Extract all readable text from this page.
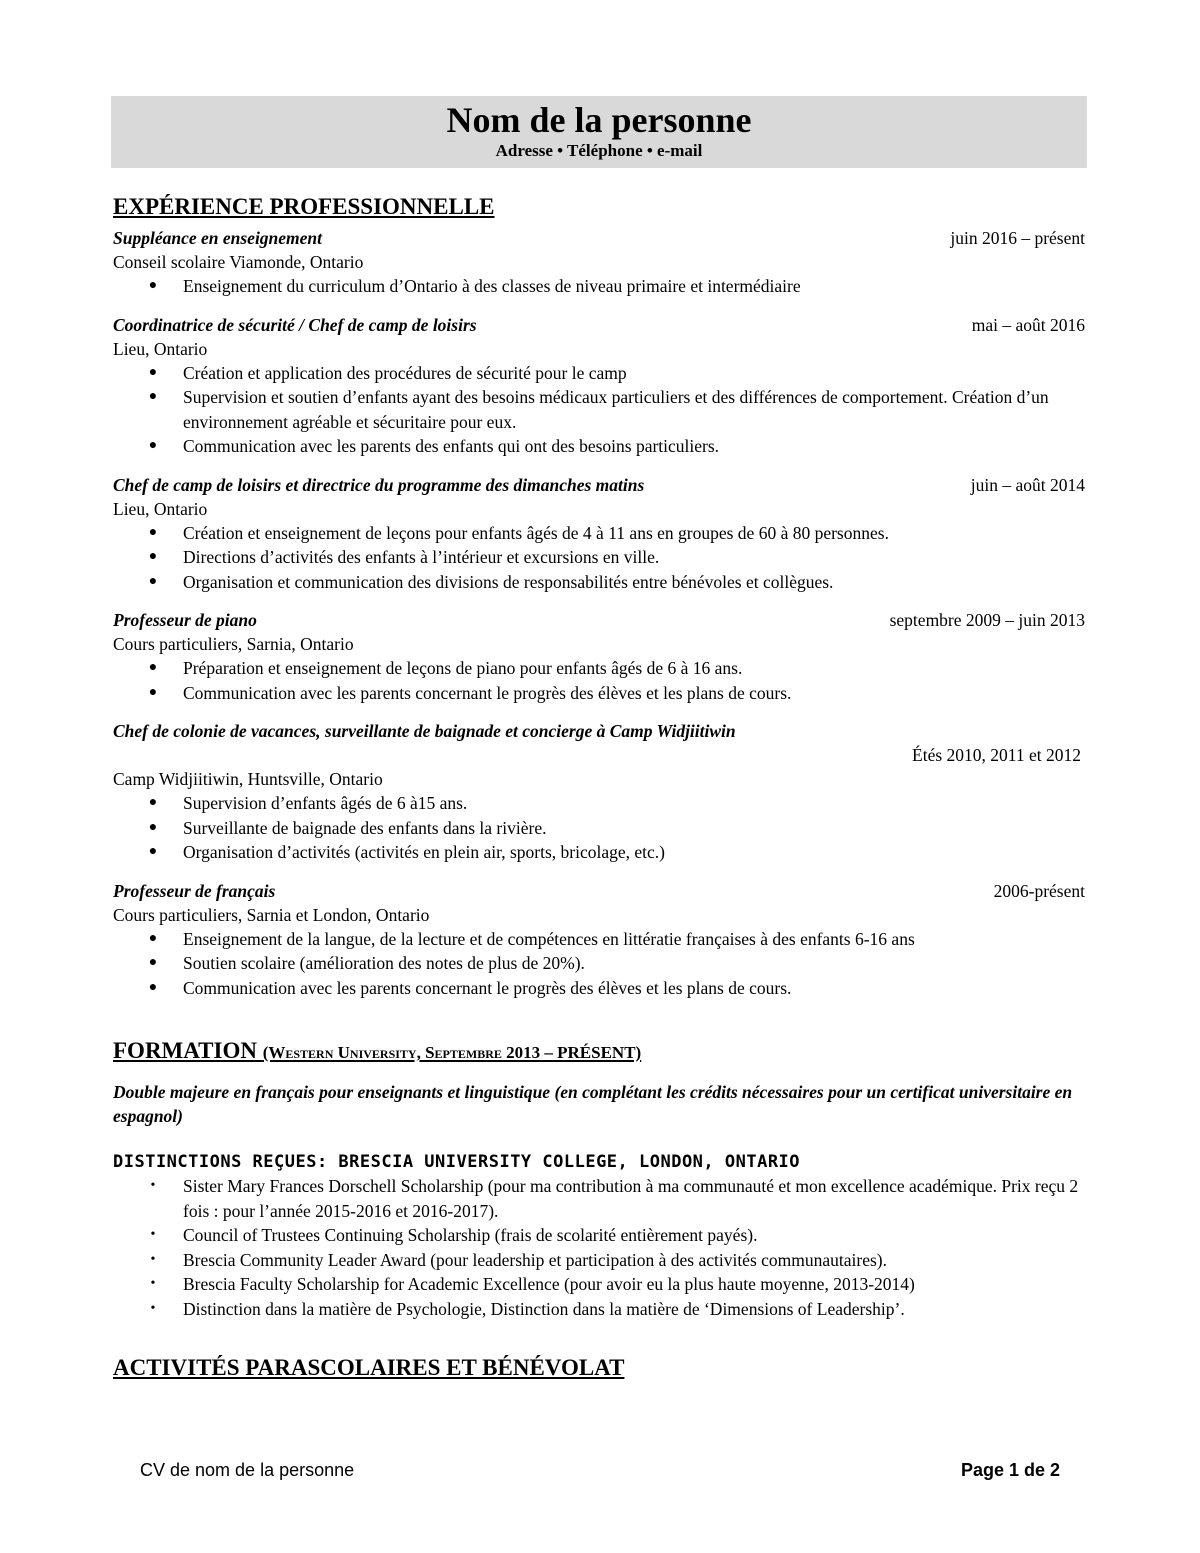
Nom de la personne
Adresse • Téléphone • e-mail
EXPÉRIENCE PROFESSIONNELLE
Suppléance en enseignement	juin 2016 – présent
Conseil scolaire Viamonde, Ontario
● Enseignement du curriculum d’Ontario à des classes de niveau primaire et intermédiaire
Coordinatrice de sécurité / Chef de camp de loisirs	mai – août 2016
Lieu, Ontario
● Création et application des procédures de sécurité pour le camp
● Supervision et soutien d’enfants ayant des besoins médicaux particuliers et des différences de comportement. Création d’un environnement agréable et sécuritaire pour eux.
● Communication avec les parents des enfants qui ont des besoins particuliers.
Chef de camp de loisirs et directrice du programme des dimanches matins	juin – août 2014
Lieu, Ontario
● Création et enseignement de leçons pour enfants âgés de 4 à 11 ans en groupes de 60 à 80 personnes.
● Directions d’activités des enfants à l’intérieur et excursions en ville.
● Organisation et communication des divisions de responsabilités entre bénévoles et collègues.
Professeur de piano	septembre 2009 – juin 2013
Cours particuliers, Sarnia, Ontario
● Préparation et enseignement de leçons de piano pour enfants âgés de 6 à 16 ans.
● Communication avec les parents concernant le progrès des élèves et les plans de cours.
Chef de colonie de vacances, surveillante de baignade et concierge à Camp Widjiitiwin
Étés 2010, 2011 et 2012
Camp Widjiitiwin, Huntsville, Ontario
● Supervision d’enfants âgés de 6 à15 ans.
● Surveillante de baignade des enfants dans la rivière.
● Organisation d’activités (activités en plein air, sports, bricolage, etc.)
Professeur de français	2006-présent
Cours particuliers, Sarnia et London, Ontario
● Enseignement de la langue, de la lecture et de compétences en littératie françaises à des enfants 6-16 ans
● Soutien scolaire (amélioration des notes de plus de 20%).
● Communication avec les parents concernant le progrès des élèves et les plans de cours.
FORMATION (Western University, Septembre 2013 – PRÉSENT)
Double majeure en français pour enseignants et linguistique (en complétant les crédits nécessaires pour un certificat universitaire en espagnol)
DISTINCTIONS REÇUES: BRESCIA UNIVERSITY COLLEGE, LONDON, ONTARIO
• Sister Mary Frances Dorschell Scholarship (pour ma contribution à ma communauté et mon excellence académique. Prix reçu 2 fois : pour l’année 2015-2016 et 2016-2017).
• Council of Trustees Continuing Scholarship (frais de scolarité entièrement payés).
• Brescia Community Leader Award (pour leadership et participation à des activités communautaires).
• Brescia Faculty Scholarship for Academic Excellence (pour avoir eu la plus haute moyenne, 2013-2014)
• Distinction dans la matière de Psychologie, Distinction dans la matière de ‘Dimensions of Leadership’.
ACTIVITÉS PARASCOLAIRES ET BÉNÉVOLAT
CV de nom de la personne	Page 1 de 2
